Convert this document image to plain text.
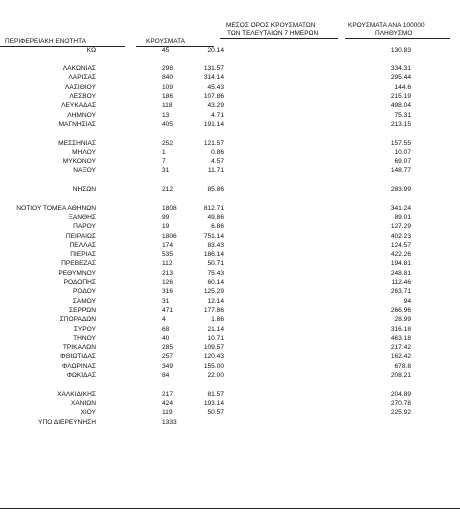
ΠΕΡΙΦΕΡΕΙΑΚΗ ΕΝΟΤΗΤΑ	ΚΡΟΥΣΜΑΤΑ
ΜΕΣΟΣ ΟΡΟΣ ΚΡΟΥΣΜΑΤΩΝ
ΤΩΝ ΤΕΛΕΥΤΑΙΩΝ 7 ΗΜΕΡΩΝ
ΚΡΟΥΣΜΑΤΑ ΑΝΑ 100000
ΠΛΗΘΥΣΜΟ
ΚΩ	45	20.14	130.83
ΛΑΚΩΝΙΑΣ	298	131.57	334.31
ΛΑΡΙΣΑΣ	840	314.14	295.44
ΛΑΣΙΘΙΟΥ	109	45.43	144.6
ΛΕΣΒΟΥ	186	107.86	215.19
ΛΕΥΚΑΔΑΣ	118	43.29	498.04
ΛΗΜΝΟΥ	13	4.71	75.31
ΜΑΓΝΗΣΙΑΣ	405	191.14	213.15
ΜΕΣΣΗΝΙΑΣ	252	121.57	157.55
ΜΗΛΟΥ	1	0.86	10.07
ΜΥΚΟΝΟΥ	7	4.57	69.07
ΝΑΞΟΥ	31	11.71	148.77
ΝΗΣΩΝ	212	85.86	283.99
ΝΟΤΙΟΥ ΤΟΜΕΑ ΑΘΗΝΩΝ	1808	812.71	341.24
ΞΑΝΘΗΣ	99	49.86	89.01
ΠΑΡΟΥ	19	6.86	127.29
ΠΕΙΡΑΙΩΣ	1806	751.14	402.23
ΠΕΛΛΑΣ	174	83.43	124.57
ΠΙΕΡΙΑΣ	535	186.14	422.26
ΠΡΕΒΕΖΑΣ	112	50.71	194.81
ΡΕΘΥΜΝΟΥ	213	75.43	248.81
ΡΟΔΟΠΗΣ	126	60.14	112.46
ΡΟΔΟΥ	316	125.29	263.71
ΣΑΜΟΥ	31	12.14	94
ΣΕΡΡΩΝ	471	177.86	266.96
ΣΠΟΡΑΔΩΝ	4	1.86	28.99
ΣΥΡΟΥ	68	21.14	316.18
ΤΗΝΟΥ	40	10.71	463.18
ΤΡΙΚΑΛΩΝ	285	109.57	217.42
ΦΘΙΩΤΙΔΑΣ	257	120.43	162.42
ΦΛΩΡΙΝΑΣ	349	155.00	678.8
ΦΩΚΙΔΑΣ	84	22.00	208.21
ΧΑΛΚΙΔΙΚΗΣ	217	81.57	204.89
ΧΑΝΙΩΝ	424	193.14	270.78
ΧΙΟΥ	119	50.57	225.92
ΥΠΟ ΔΙΕΡΕΥΝΗΣΗ	1333
